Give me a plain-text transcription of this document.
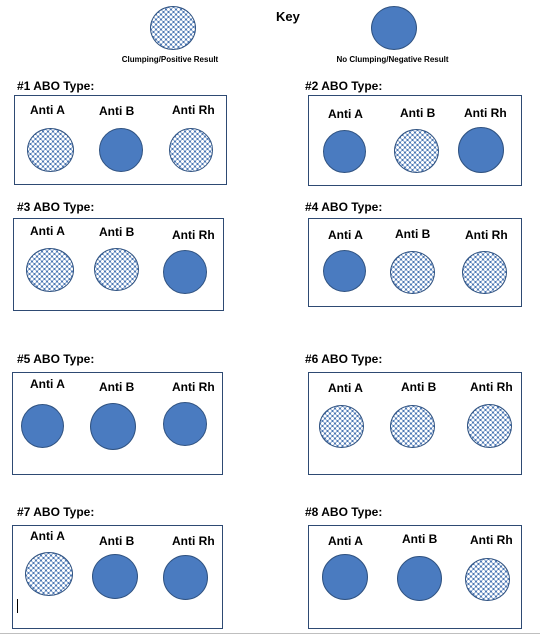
Key
Clumping/Positive Result	No Clumping/Negative Result
#1 ABO Type:
Anti A	Anti B	Anti Rh
#2 ABO Type:
Anti A	Anti B Anti Rh
#3 ABO Type:
Anti A	Anti B	Anti Rh
#4 ABO Type:
Anti A	Anti B	Anti Rh
#5 ABO Type:
Anti A	Anti B	Anti Rh
#6 ABO Type:
Anti A	Anti B	Anti Rh
#7 ABO Type:
Anti A	Anti B	Anti Rh
#8 ABO Type:
Anti A	Anti B	Anti Rh
